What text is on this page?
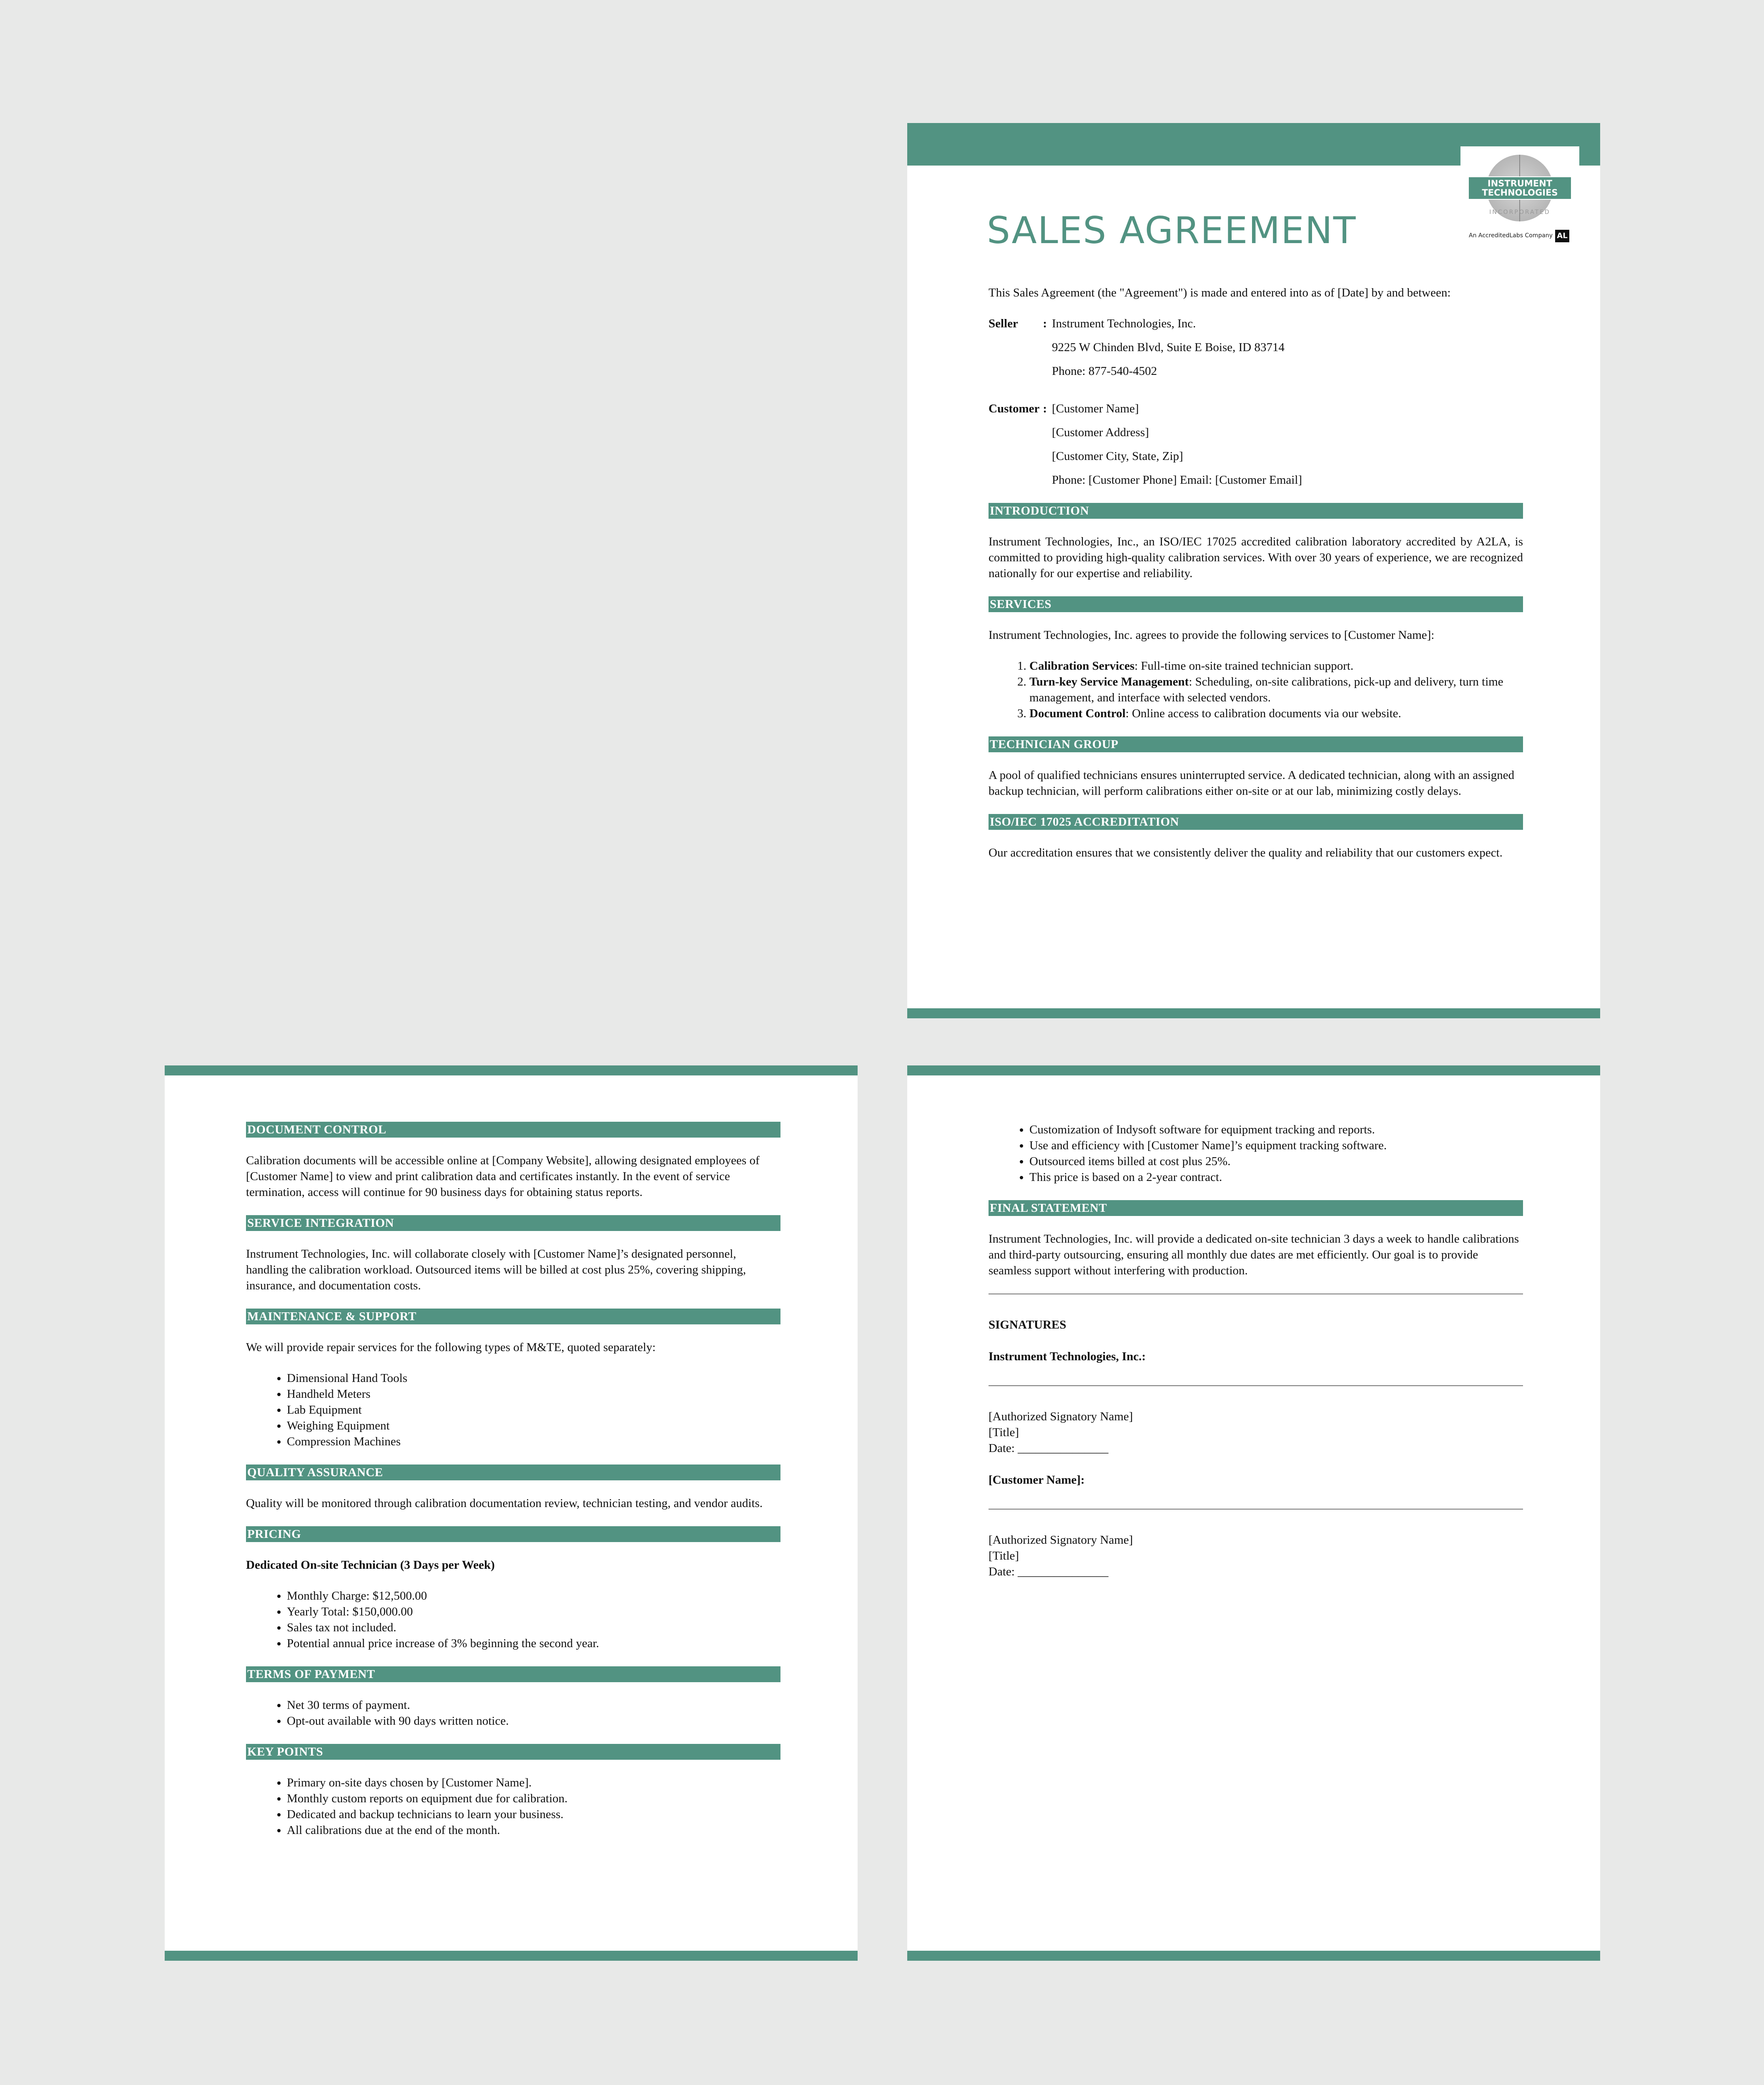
INSTRUMENT
TECHNOLOGIES
INCORPORATED
An AccreditedLabs Company AL
SALES AGREEMENT

This Sales Agreement (the "Agreement") is made and entered into as of [Date] by and between:

Seller : Instrument Technologies, Inc.
9225 W Chinden Blvd, Suite E Boise, ID 83714
Phone: 877-540-4502
Customer : [Customer Name]
[Customer Address]
[Customer City, State, Zip]
Phone: [Customer Phone] Email: [Customer Email]
INTRODUCTION

Instrument Technologies, Inc., an ISO/IEC 17025 accredited calibration laboratory accredited by A2LA, is committed to providing high-quality calibration services. With over 30 years of experience, we are recognized nationally for our expertise and reliability.

SERVICES

Instrument Technologies, Inc. agrees to provide the following services to [Customer Name]:

1. Calibration Services: Full-time on-site trained technician support.
2. Turn-key Service Management: Scheduling, on-site calibrations, pick-up and delivery, turn time management, and interface with selected vendors.
3. Document Control: Online access to calibration documents via our website.
TECHNICIAN GROUP

A pool of qualified technicians ensures uninterrupted service. A dedicated technician, along with an assigned backup technician, will perform calibrations either on-site or at our lab, minimizing costly delays.

ISO/IEC 17025 ACCREDITATION

Our accreditation ensures that we consistently deliver the quality and reliability that our customers expect.

DOCUMENT CONTROL

Calibration documents will be accessible online at [Company Website], allowing designated employees of [Customer Name] to view and print calibration data and certificates instantly. In the event of service termination, access will continue for 90 business days for obtaining status reports.

SERVICE INTEGRATION

Instrument Technologies, Inc. will collaborate closely with [Customer Name]’s designated personnel, handling the calibration workload. Outsourced items will be billed at cost plus 25%, covering shipping, insurance, and documentation costs.

MAINTENANCE & SUPPORT

We will provide repair services for the following types of M&TE, quoted separately:

• Dimensional Hand Tools
• Handheld Meters
• Lab Equipment
• Weighing Equipment
• Compression Machines
QUALITY ASSURANCE

Quality will be monitored through calibration documentation review, technician testing, and vendor audits.

PRICING

Dedicated On-site Technician (3 Days per Week)

• Monthly Charge: $12,500.00
• Yearly Total: $150,000.00
• Sales tax not included.
• Potential annual price increase of 3% beginning the second year.
TERMS OF PAYMENT
• Net 30 terms of payment.
• Opt-out available with 90 days written notice.
KEY POINTS
• Primary on-site days chosen by [Customer Name].
• Monthly custom reports on equipment due for calibration.
• Dedicated and backup technicians to learn your business.
• All calibrations due at the end of the month.
• Customization of Indysoft software for equipment tracking and reports.
• Use and efficiency with [Customer Name]’s equipment tracking software.
• Outsourced items billed at cost plus 25%.
• This price is based on a 2-year contract.
FINAL STATEMENT

Instrument Technologies, Inc. will provide a dedicated on-site technician 3 days a week to handle calibrations and third-party outsourcing, ensuring all monthly due dates are met efficiently. Our goal is to provide seamless support without interfering with production.

SIGNATURES

Instrument Technologies, Inc.:

[Authorized Signatory Name]
[Title]
Date: _______________

[Customer Name]:

[Authorized Signatory Name]
[Title]
Date: _______________
